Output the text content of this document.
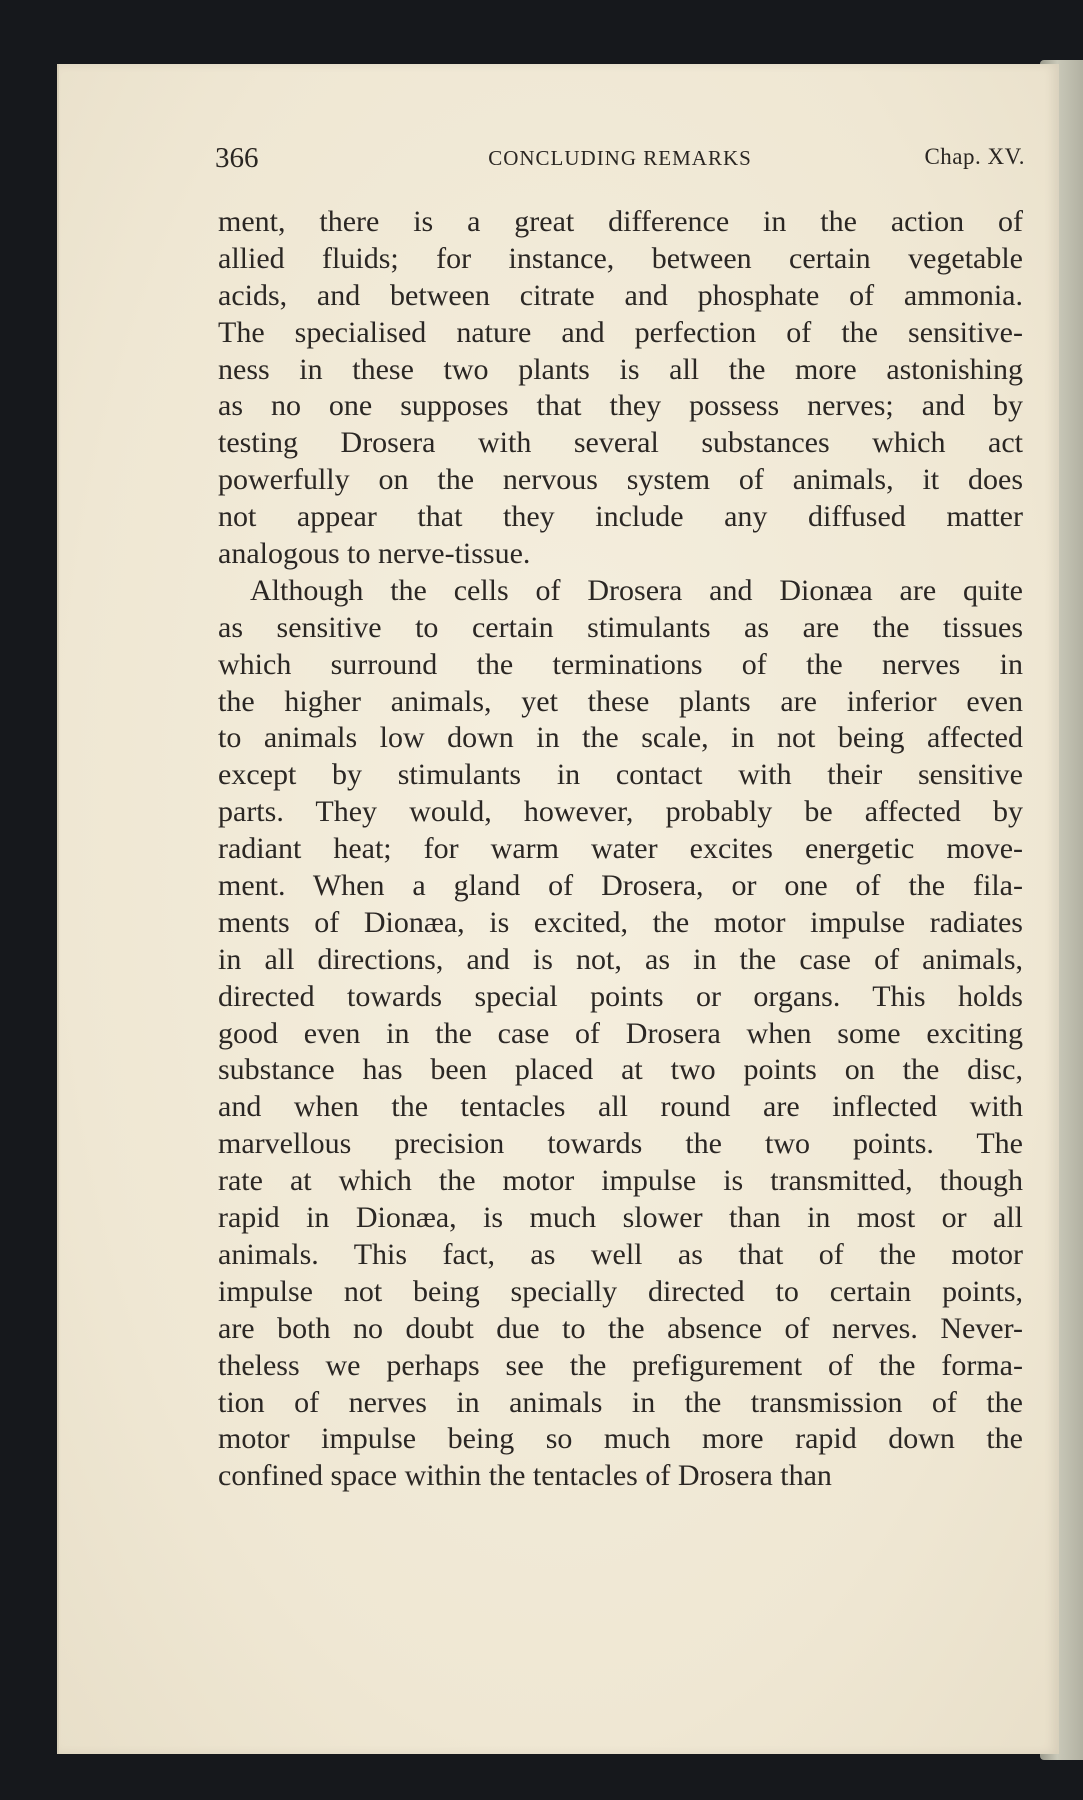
366	CONCLUDING REMARKS	Chap. XV.
ment, there is a great difference in the action of
allied fluids; for instance, between certain vegetable
acids, and between citrate and phosphate of ammonia.
The specialised nature and perfection of the sensitive-
ness in these two plants is all the more astonishing
as no one supposes that they possess nerves; and by
testing Drosera with several substances which act
powerfully on the nervous system of animals, it does
not appear that they include any diffused matter
analogous to nerve-tissue.
Although the cells of Drosera and Dionæa are quite
as sensitive to certain stimulants as are the tissues
which surround the terminations of the nerves in
the higher animals, yet these plants are inferior even
to animals low down in the scale, in not being affected
except by stimulants in contact with their sensitive
parts. They would, however, probably be affected by
radiant heat; for warm water excites energetic move-
ment. When a gland of Drosera, or one of the fila-
ments of Dionæa, is excited, the motor impulse radiates
in all directions, and is not, as in the case of animals,
directed towards special points or organs. This holds
good even in the case of Drosera when some exciting
substance has been placed at two points on the disc,
and when the tentacles all round are inflected with
marvellous precision towards the two points. The
rate at which the motor impulse is transmitted, though
rapid in Dionæa, is much slower than in most or all
animals. This fact, as well as that of the motor
impulse not being specially directed to certain points,
are both no doubt due to the absence of nerves. Never-
theless we perhaps see the prefigurement of the forma-
tion of nerves in animals in the transmission of the
motor impulse being so much more rapid down the
confined space within the tentacles of Drosera than
